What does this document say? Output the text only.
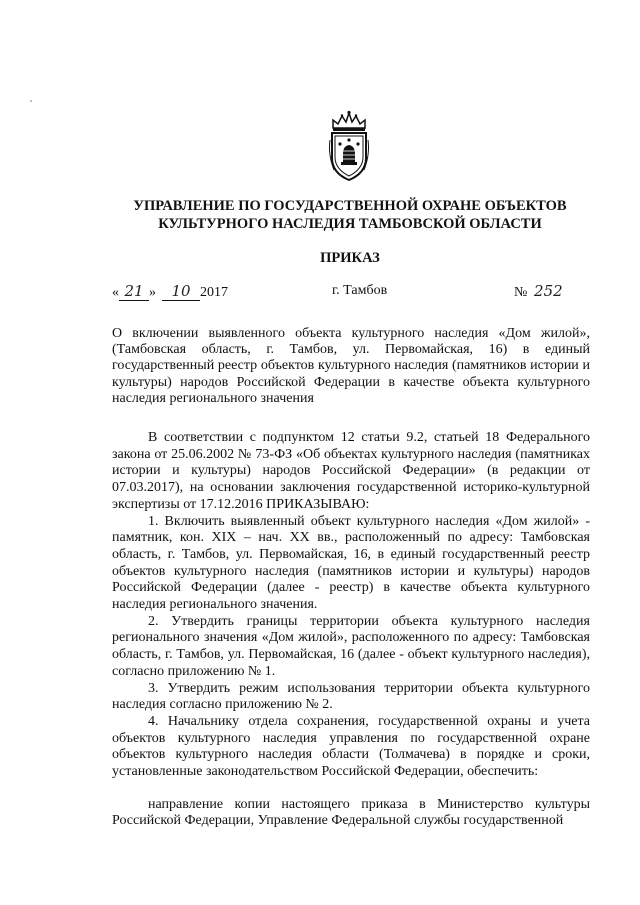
УПРАВЛЕНИЕ ПО ГОСУДАРСТВЕННОЙ ОХРАНЕ ОБЪЕКТОВ
КУЛЬТУРНОГО НАСЛЕДИЯ ТАМБОВСКОЙ ОБЛАСТИ
ПРИКАЗ
« 21 » 10 2017	г. Тамбов	№ 252
О включении выявленного объекта культурного наследия «Дом жилой», (Тамбовская область, г. Тамбов, ул. Первомайская, 16) в единый государственный реестр объектов культурного наследия (памятников истории и культуры) народов Российской Федерации в качестве объекта культурного наследия регионального значения

В соответствии с подпунктом 12 статьи 9.2, статьей 18 Федерального закона от 25.06.2002 № 73-ФЗ «Об объектах культурного наследия (памятниках истории и культуры) народов Российской Федерации» (в редакции от 07.03.2017), на основании заключения государственной историко-культурной экспертизы от 17.12.2016 ПРИКАЗЫВАЮ:

1. Включить выявленный объект культурного наследия «Дом жилой» - памятник, кон. XIX – нач. XX вв., расположенный по адресу: Тамбовская область, г. Тамбов, ул. Первомайская, 16, в единый государственный реестр объектов культурного наследия (памятников истории и культуры) народов Российской Федерации (далее - реестр) в качестве объекта культурного наследия регионального значения.

2. Утвердить границы территории объекта культурного наследия регионального значения «Дом жилой», расположенного по адресу: Тамбовская область, г. Тамбов, ул. Первомайская, 16 (далее - объект культурного наследия), согласно приложению № 1.

3. Утвердить режим использования территории объекта культурного наследия согласно приложению № 2.

4. Начальнику отдела сохранения, государственной охраны и учета объектов культурного наследия управления по государственной охране объектов культурного наследия области (Толмачева) в порядке и сроки, установленные законодательством Российской Федерации, обеспечить:

направление копии настоящего приказа в Министерство культуры Российской Федерации, Управление Федеральной службы государственной
